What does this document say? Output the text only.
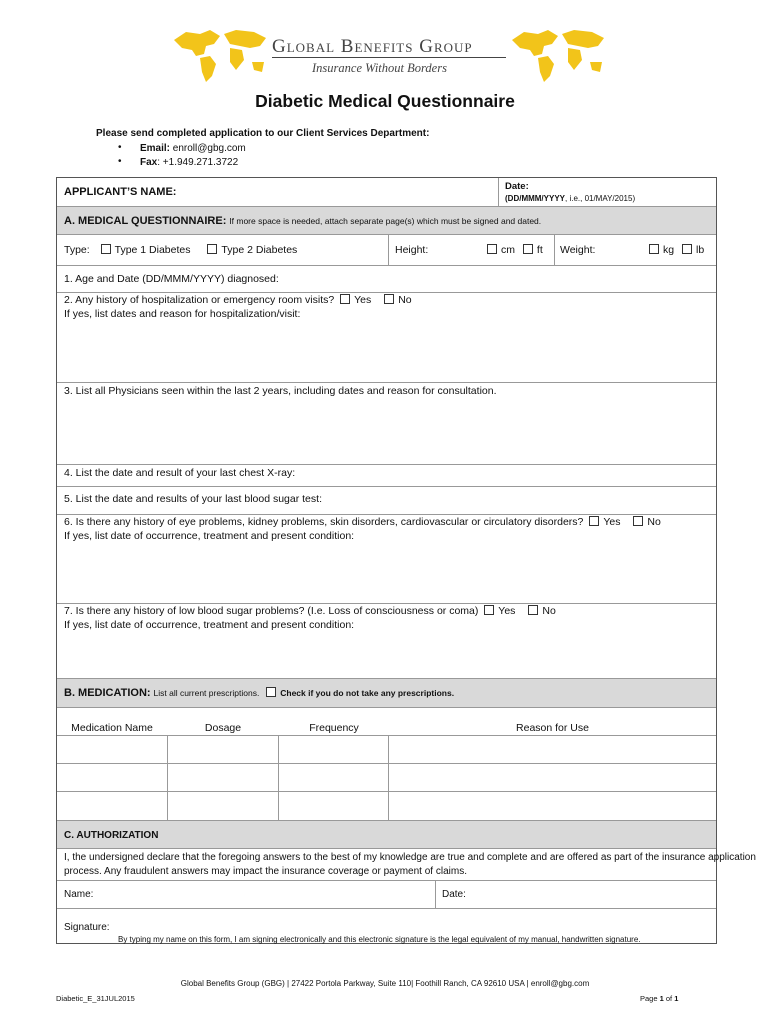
Global Benefits Group
Insurance Without Borders
Diabetic Medical Questionnaire
Please send completed application to our Client Services Department:
• Email: enroll@gbg.com
• Fax: +1.949.271.3722
APPLICANT’S NAME:	Date:
(DD/MMM/YYYY, i.e., 01/MAY/2015)
A. MEDICAL QUESTIONNAIRE: If more space is needed, attach separate page(s) which must be signed and dated.
Type: Type 1 Diabetes	Type 2 Diabetes	Height:	cm ft Weight:	kg lb
1. Age and Date (DD/MMM/YYYY) diagnosed:
2. Any history of hospitalization or emergency room visits? Yes	No
If yes, list dates and reason for hospitalization/visit:
3. List all Physicians seen within the last 2 years, including dates and reason for consultation.
4. List the date and result of your last chest X-ray:
5. List the date and results of your last blood sugar test:
6. Is there any history of eye problems, kidney problems, skin disorders, cardiovascular or circulatory disorders? Yes	No
If yes, list date of occurrence, treatment and present condition:
7. Is there any history of low blood sugar problems? (I.e. Loss of consciousness or coma) Yes	No
If yes, list date of occurrence, treatment and present condition:
B. MEDICATION: List all current prescriptions. Check if you do not take any prescriptions.
Medication Name	Dosage	Frequency	Reason for Use
C. AUTHORIZATION
I, the undersigned declare that the foregoing answers to the best of my knowledge are true and complete and are offered as part of the insurance application
process. Any fraudulent answers may impact the insurance coverage or payment of claims.
Name:	Date:
Signature:
By typing my name on this form, I am signing electronically and this electronic signature is the legal equivalent of my manual, handwritten signature.
Global Benefits Group (GBG) | 27422 Portola Parkway, Suite 110| Foothill Ranch, CA 92610 USA | enroll@gbg.com
Diabetic_E_31JUL2015	Page 1 of 1
